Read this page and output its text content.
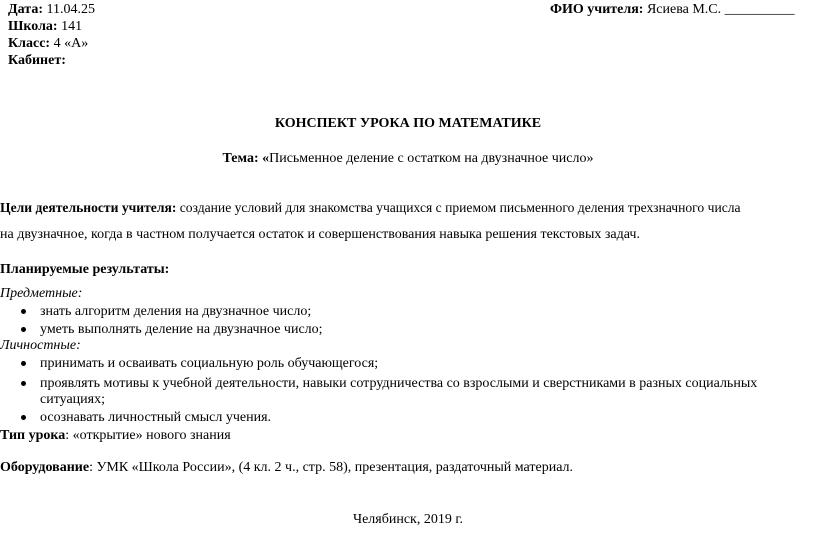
Дата: 11.04.25	ФИО учителя: Ясиева М.С. __________
Школа: 141
Класс: 4 «А»
Кабинет:
КОНСПЕКТ УРОКА ПО МАТЕМАТИКЕ
Тема: «Письменное деление с остатком на двузначное число»
Цели деятельности учителя: создание условий для знакомства учащихся с приемом письменного деления трехзначного числа
на двузначное, когда в частном получается остаток и совершенствования навыка решения текстовых задач.
Планируемые результаты:
Предметные:
знать алгоритм деления на двузначное число;
уметь выполнять деление на двузначное число;
Личностные:
принимать и осваивать социальную роль обучающегося;
проявлять мотивы к учебной деятельности, навыки сотрудничества со взрослыми и сверстниками в разных социальных
ситуациях;
осознавать личностный смысл учения.
Тип урока: «открытие» нового знания
Оборудование: УМК «Школа России», (4 кл. 2 ч., стр. 58), презентация, раздаточный материал.
Челябинск, 2019 г.
